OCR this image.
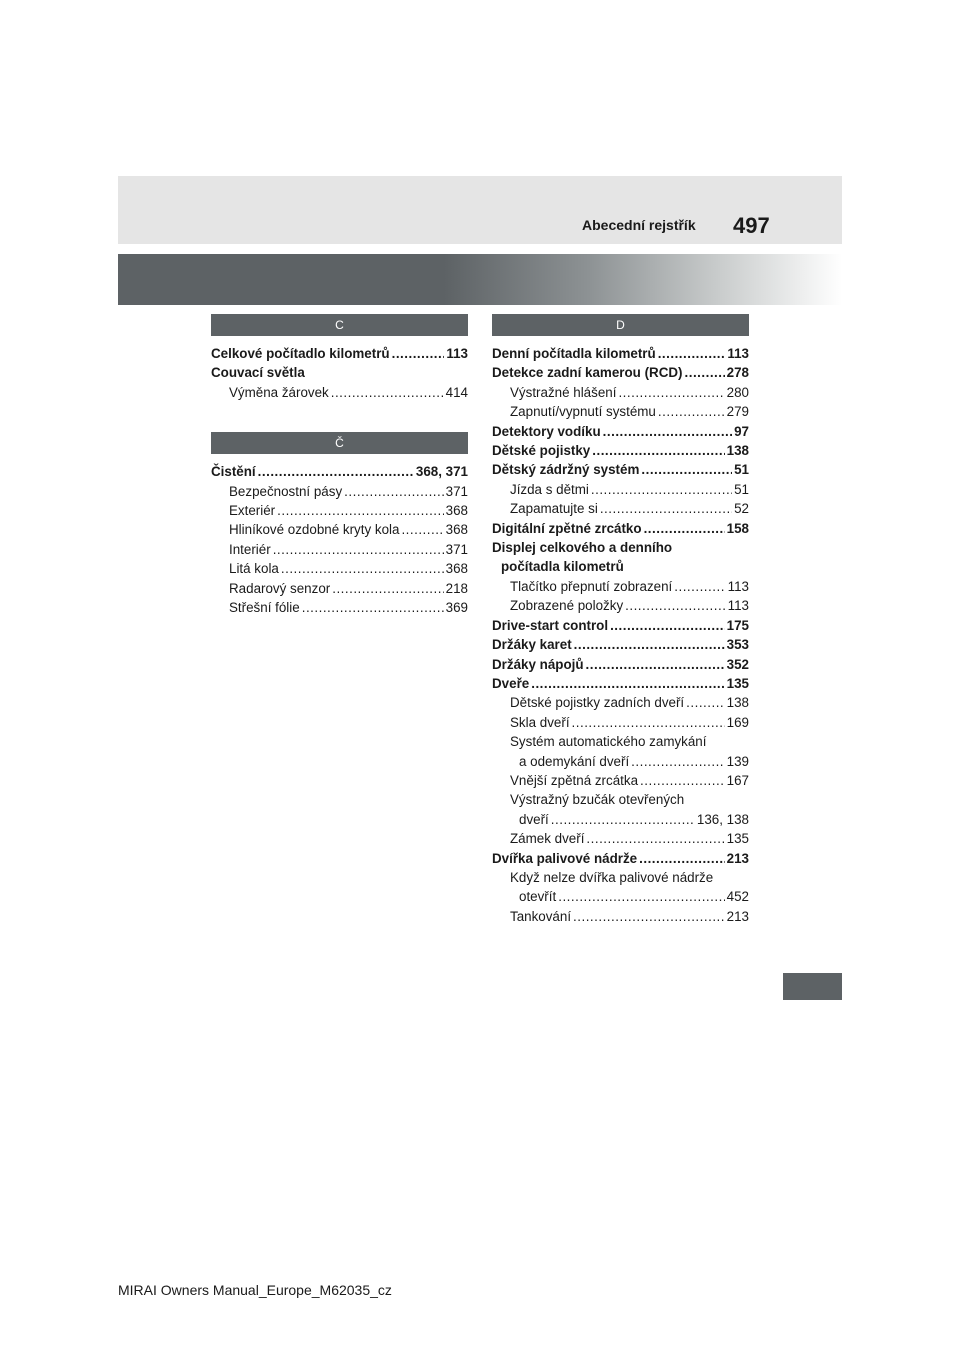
Abecední rejstřík 497
C
Celkové počítadlo kilometrů .....	113
Couvací světla
Výměna žárovek .....	414
Č
Čistění .....	368, 371
Bezpečnostní pásy .....	371
Exteriér .....	368
Hliníkové ozdobné kryty kola .....	368
Interiér .....	371
Litá kola .....	368
Radarový senzor .....	218
Střešní fólie .....	369
D
Denní počítadla kilometrů .....	113
Detekce zadní kamerou (RCD) .....	278
Výstražné hlášení .....	280
Zapnutí/vypnutí systému .....	279
Detektory vodíku .....	97
Dětské pojistky .....	138
Dětský zádržný systém .....	51
Jízda s dětmi .....	51
Zapamatujte si .....	52
Digitální zpětné zrcátko .....	158
Displej celkového a denního
počítadla kilometrů
Tlačítko přepnutí zobrazení .....	113
Zobrazené položky .....	113
Drive-start control .....	175
Držáky karet .....	353
Držáky nápojů .....	352
Dveře .....	135
Dětské pojistky zadních dveří .....	138
Skla dveří .....	169
Systém automatického zamykání
a odemykání dveří .....	139
Vnější zpětná zrcátka .....	167
Výstražný bzučák otevřených
dveří .....	136, 138
Zámek dveří .....	135
Dvířka palivové nádrže .....	213
Když nelze dvířka palivové nádrže
otevřít .....	452
Tankování .....	213
MIRAI Owners Manual_Europe_M62035_cz
